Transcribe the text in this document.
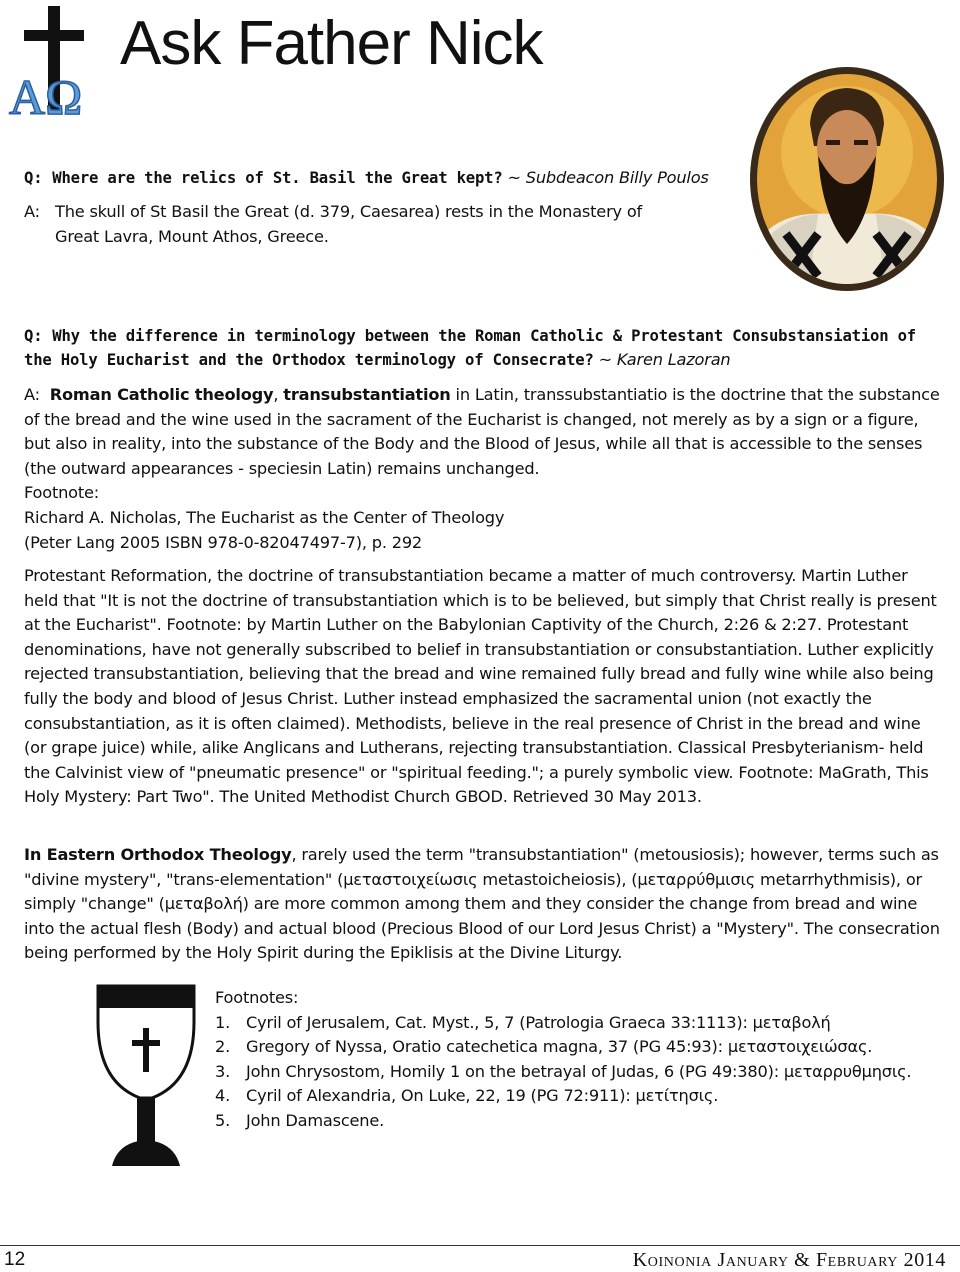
ΑΩ
Ask Father Nick

Q: Where are the relics of St. Basil the Great kept? ~ Subdeacon Billy Poulos

A: The skull of St Basil the Great (d. 379, Caesarea) rests in the Monastery of
Great Lavra, Mount Athos, Greece.

Q: Why the difference in terminology between the Roman Catholic & Protestant Consubstansiation of the Holy Eucharist and the Orthodox terminology of Consecrate? ~ Karen Lazoran

A: Roman Catholic theology, transubstantiation in Latin, transsubstantiatio is the doctrine that the substance of the bread and the wine used in the sacrament of the Eucharist is changed, not merely as by a sign or a figure, but also in reality, into the substance of the Body and the Blood of Jesus, while all that is accessible to the senses (the outward appearances - speciesin Latin) remains unchanged.

Footnote:
Richard A. Nicholas, The Eucharist as the Center of Theology
(Peter Lang 2005 ISBN 978-0-82047497-7), p. 292

Protestant Reformation, the doctrine of transubstantiation became a matter of much controversy. Martin Luther held that "It is not the doctrine of transubstantiation which is to be believed, but simply that Christ really is present at the Eucharist". Footnote: by Martin Luther on the Babylonian Captivity of the Church, 2:26 & 2:27. Protestant denominations, have not generally subscribed to belief in transubstantiation or consubstantiation. Luther explicitly rejected transubstantiation, believing that the bread and wine remained fully bread and fully wine while also being fully the body and blood of Jesus Christ. Luther instead emphasized the sacramental union (not exactly the consubstantiation, as it is often claimed). Methodists, believe in the real presence of Christ in the bread and wine (or grape juice) while, alike Anglicans and Lutherans, rejecting transubstantiation. Classical Presbyterianism- held the Calvinist view of "pneumatic presence" or "spiritual feeding."; a purely symbolic view. Footnote: MaGrath, This Holy Mystery: Part Two". The United Methodist Church GBOD. Retrieved 30 May 2013.

In Eastern Orthodox Theology, rarely used the term "transubstantiation" (metousiosis); however, terms such as "divine mystery", "trans-elementation" (μεταστοιχείωσις metastoicheiosis), (μεταρρύθμισις metarrhythmisis), or simply "change" (μεταβολή) are more common among them and they consider the change from bread and wine into the actual flesh (Body) and actual blood (Precious Blood of our Lord Jesus Christ) a "Mystery". The consecration being performed by the Holy Spirit during the Epiklisis at the Divine Liturgy.

Footnotes:
1. Cyril of Jerusalem, Cat. Myst., 5, 7 (Patrologia Graeca 33:1113): μεταβολή
2. Gregory of Nyssa, Oratio catechetica magna, 37 (PG 45:93): μεταστοιχειώσας.
3. John Chrysostom, Homily 1 on the betrayal of Judas, 6 (PG 49:380): μεταρρυθμησις.
4. Cyril of Alexandria, On Luke, 22, 19 (PG 72:911): μετίτησις.
5. John Damascene.
12	Koinonia January & February 2014
